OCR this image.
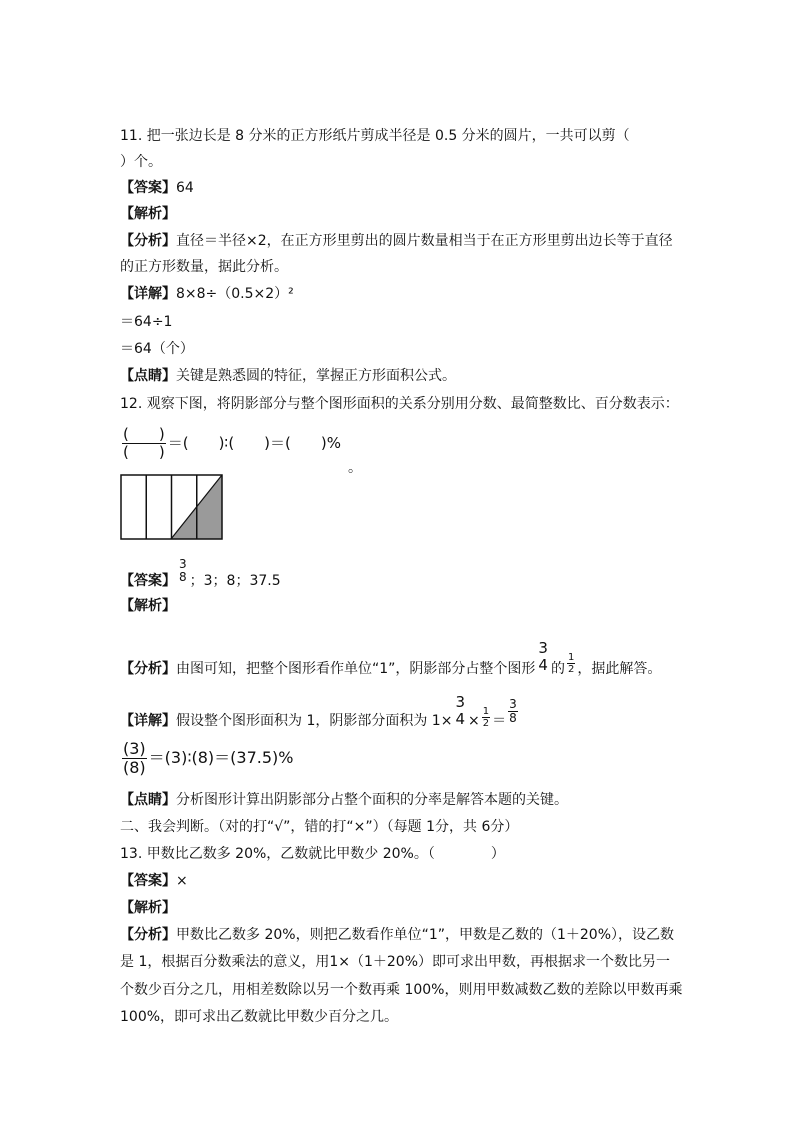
11. 把一张边长是 8 分米的正方形纸片剪成半径是 0.5 分米的圆片，一共可以剪（
）个。
【答案】64
【解析】
【分析】直径＝半径×2，在正方形里剪出的圆片数量相当于在正方形里剪出边长等于直径
的正方形数量，据此分析。
【详解】8×8÷（0.5×2）²
＝64÷1
＝64（个）
【点睛】关键是熟悉圆的特征，掌握正方形面积公式。
12. 观察下图，将阴影部分与整个图形面积的关系分别用分数、最简整数比、百分数表示：
$\frac{( )}{( )}$ ＝(　　)∶(　　)＝(　　)%
。
【答案】
3
8 ；3；8；37.5
【解析】
【分析】由图可知，把整个图形看作单位“1”，阴影部分占整个图形
3
4 的 $\frac{1}{2}$ ，据此解答。
【详解】假设整个图形面积为 1，阴影部分面积为 1×
3
$4 \times \frac{1}{2} = \frac{3}{8}$
$\frac{(3)}{(8)}$ ＝(3)∶(8)＝(37.5)%
【点睛】分析图形计算出阴影部分占整个面积的分率是解答本题的关键。
二、我会判断。（对的打“√”，错的打“×”）（每题 1分，共 6分）
13. 甲数比乙数多 20%，乙数就比甲数少 20%。（　　　　）
【答案】×
【解析】
【分析】甲数比乙数多 20%，则把乙数看作单位“1”，甲数是乙数的（1＋20%），设乙数
是 1，根据百分数乘法的意义，用1×（1＋20%）即可求出甲数，再根据求一个数比另一
个数少百分之几，用相差数除以另一个数再乘 100%，则用甲数减数乙数的差除以甲数再乘
100%，即可求出乙数就比甲数少百分之几。
